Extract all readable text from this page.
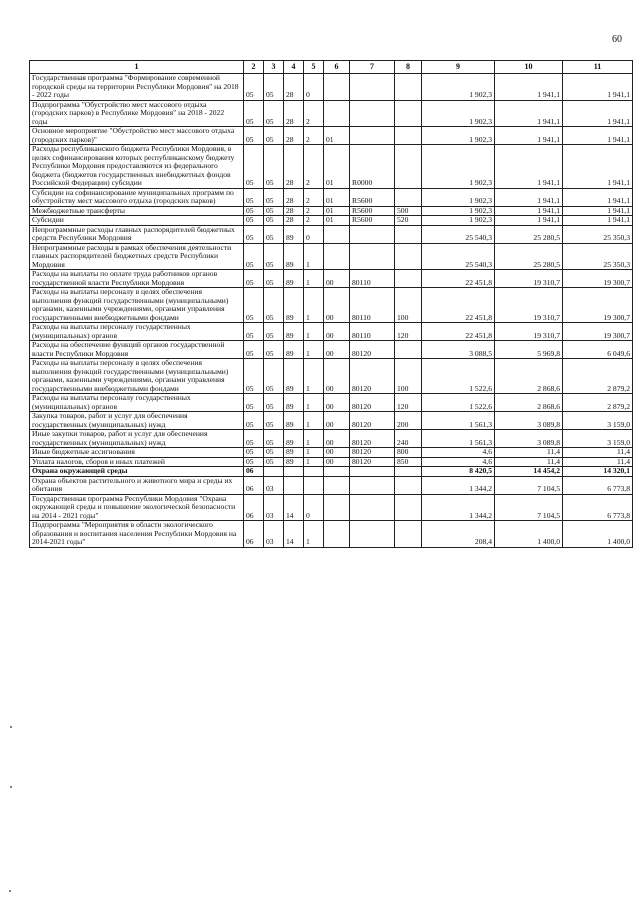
60
1	2	3	4	5	6	7	8	9	10	11
Государственная программа "Формирование современной городской среды на территории Республики Мордовия" на 2018 - 2022 годы	05	05	28	0				1 902,3	1 941,1	1 941,1
Подпрограмма "Обустройство мест массового отдыха (городских парков) в Республике Мордовия" на 2018 - 2022 годы	05	05	28	2				1 902,3	1 941,1	1 941,1
Основное мероприятие "Обустройство мест массового отдыха (городских парков)"	05	05	28	2	01			1 902,3	1 941,1	1 941,1
Расходы республиканского бюджета Республики Мордовия, в целях софинансирования которых республиканскому бюджету Республики Мордовия предоставляются из федерального бюджета (бюджетов государственных внебюджетных фондов Российской Федерации) субсидии	05	05	28	2	01	R0000		1 902,3	1 941,1	1 941,1
Субсидии на софинансирование муниципальных программ по обустройству мест массового отдыха (городских парков)	05	05	28	2	01	R5600		1 902,3	1 941,1	1 941,1
Межбюджетные трансферты	05	05	28	2	01	R5600	500	1 902,3	1 941,1	1 941,1
Субсидии	05	05	28	2	01	R5600	520	1 902,3	1 941,1	1 941,1
Непрограммные расходы главных распорядителей бюджетных средств Республики Мордовия	05	05	89	0				25 540,3	25 280,5	25 350,3
Непрограммные расходы в рамках обеспечения деятельности главных распорядителей бюджетных средств Республики Мордовия	05	05	89	1				25 540,3	25 280,5	25 350,3
Расходы на выплаты по оплате труда работников органов государственной власти Республики Мордовия	05	05	89	1	00	80110		22 451,8	19 310,7	19 300,7
Расходы на выплаты персоналу в целях обеспечения выполнения функций государственными (муниципальными) органами, казенными учреждениями, органами управления государственными внебюджетными фондами	05	05	89	1	00	80110	100	22 451,8	19 310,7	19 300,7
Расходы на выплаты персоналу государственных (муниципальных) органов	05	05	89	1	00	80110	120	22 451,8	19 310,7	19 300,7
Расходы на обеспечение функций органов государственной власти Республики Мордовия	05	05	89	1	00	80120		3 088,5	5 969,8	6 049,6
Расходы на выплаты персоналу в целях обеспечения выполнения функций государственными (муниципальными) органами, казенными учреждениями, органами управления государственными внебюджетными фондами	05	05	89	1	00	80120	100	1 522,6	2 868,6	2 879,2
Расходы на выплаты персоналу государственных (муниципальных) органов	05	05	89	1	00	80120	120	1 522,6	2 868,6	2 879,2
Закупка товаров, работ и услуг для обеспечения государственных (муниципальных) нужд	05	05	89	1	00	80120	200	1 561,3	3 089,8	3 159,0
Иные закупки товаров, работ и услуг для обеспечения государственных (муниципальных) нужд	05	05	89	1	00	80120	240	1 561,3	3 089,8	3 159,0
Иные бюджетные ассигнования	05	05	89	1	00	80120	800	4,6	11,4	11,4
Уплата налогов, сборов и иных платежей	05	05	89	1	00	80120	850	4,6	11,4	11,4
Охрана окружающей среды	06							8 420,5	14 454,2	14 320,1
Охрана объектов растительного и животного мира и среды их обитания	06	03						1 344,2	7 104,5	6 773,8
Государственная программа Республики Мордовия "Охрана окружающей среды и повышение экологической безопасности на 2014 - 2021 годы"	06	03	14	0				1 344,2	7 104,5	6 773,8
Подпрограмма "Мероприятия в области экологического образования и воспитания населения Республики Мордовия на 2014-2021 годы"	06	03	14	1				208,4	1 400,0	1 400,0
